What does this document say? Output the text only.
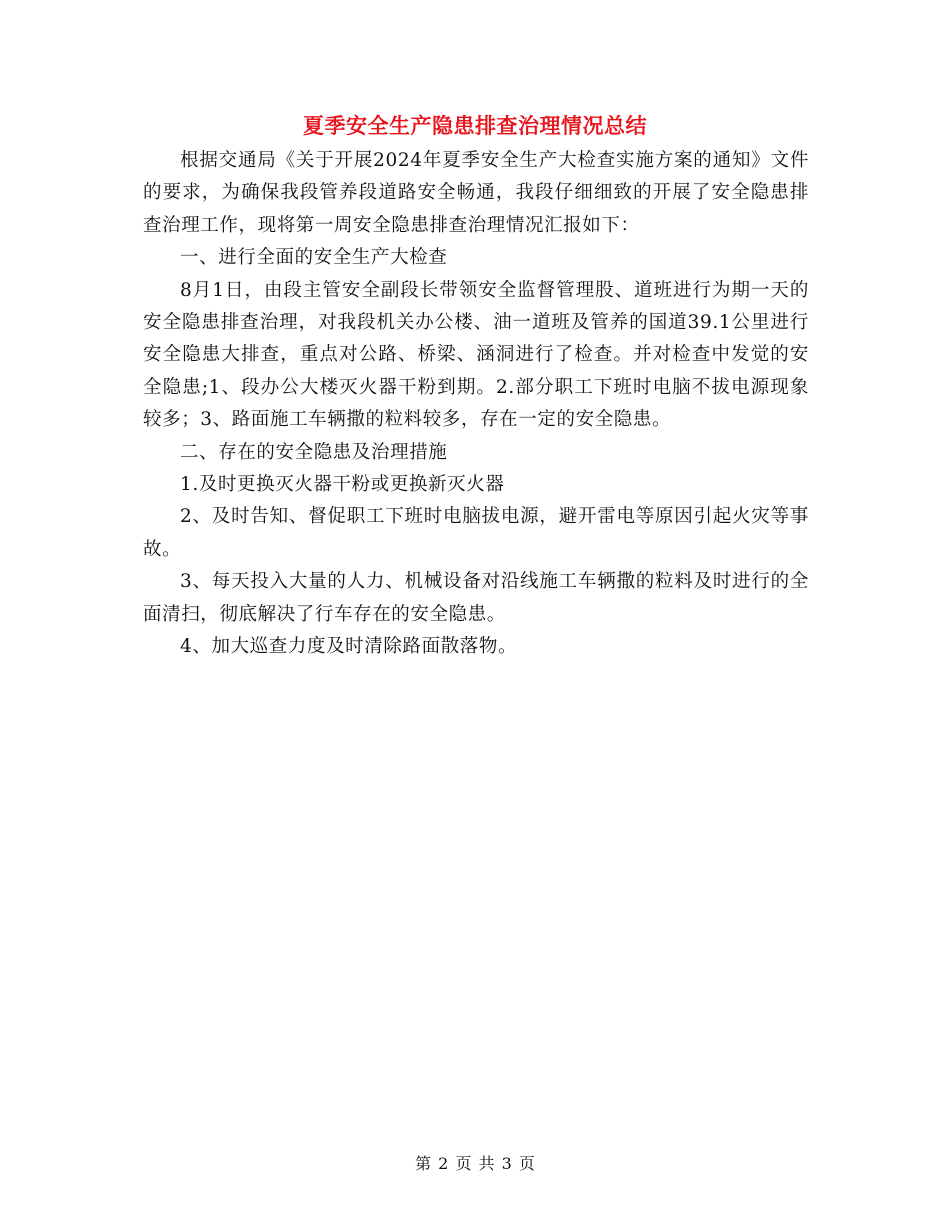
夏季安全生产隐患排查治理情况总结

根据交通局《关于开展2024年夏季安全生产大检查实施方案的通知》文件的要求，为确保我段管养段道路安全畅通，我段仔细细致的开展了安全隐患排查治理工作，现将第一周安全隐患排查治理情况汇报如下：

一、进行全面的安全生产大检查

8月1日，由段主管安全副段长带领安全监督管理股、道班进行为期一天的安全隐患排查治理，对我段机关办公楼、油一道班及管养的国道39.1公里进行安全隐患大排查，重点对公路、桥梁、涵洞进行了检查。并对检查中发觉的安全隐患;1、段办公大楼灭火器干粉到期。2.部分职工下班时电脑不拔电源现象较多；3、路面施工车辆撒的粒料较多，存在一定的安全隐患。

二、存在的安全隐患及治理措施

1.及时更换灭火器干粉或更换新灭火器

2、及时告知、督促职工下班时电脑拔电源，避开雷电等原因引起火灾等事故。

3、每天投入大量的人力、机械设备对沿线施工车辆撒的粒料及时进行的全面清扫，彻底解决了行车存在的安全隐患。

4、加大巡查力度及时清除路面散落物。

第 2 页 共 3 页
